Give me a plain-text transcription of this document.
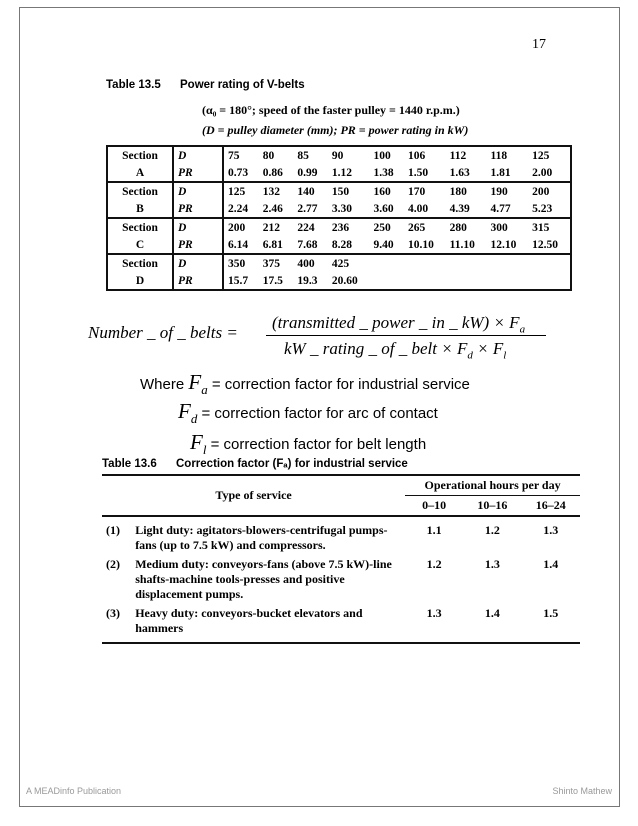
17
Table 13.5 Power rating of V-belts
(α₀ = 180°; speed of the faster pulley = 1440 r.p.m.)
(D = pulley diameter (mm); PR = power rating in kW)
Section	D	75	80	85	90	100	106	112	118	125
A	PR	0.73	0.86	0.99	1.12	1.38	1.50	1.63	1.81	2.00
Section	D	125	132	140	150	160	170	180	190	200
B	PR	2.24	2.46	2.77	3.30	3.60	4.00	4.39	4.77	5.23
Section	D	200	212	224	236	250	265	280	300	315
C	PR	6.14	6.81	7.68	8.28	9.40	10.10	11.10	12.10	12.50
Section	D	350	375	400	425					
D	PR	15.7	17.5	19.3	20.60					
Number _ of _ belts =
(transmitted _ power _ in _ $kW) \times F_a$
kW _ rating _ of _ belt × $F_d \times F_l$
Where $F_a$ = correction factor for industrial service
$F_d$ = correction factor for arc of contact
$F_l$ = correction factor for belt length
Table 13.6 Correction factor (Fₐ) for industrial service
Type of service		Operational hours per day		
		0–10	10–16	16–24
(1)	Light duty: agitators-blowers-centrifugal pumps-fans (up to 7.5 kW) and compressors.	1.1	1.2	1.3
(2)	Medium duty: conveyors-fans (above 7.5 kW)-line shafts-machine tools-presses and positive displacement pumps.	1.2	1.3	1.4
(3)	Heavy duty: conveyors-bucket elevators and hammers	1.3	1.4	1.5
A MEADinfo Publication	Shinto Mathew
